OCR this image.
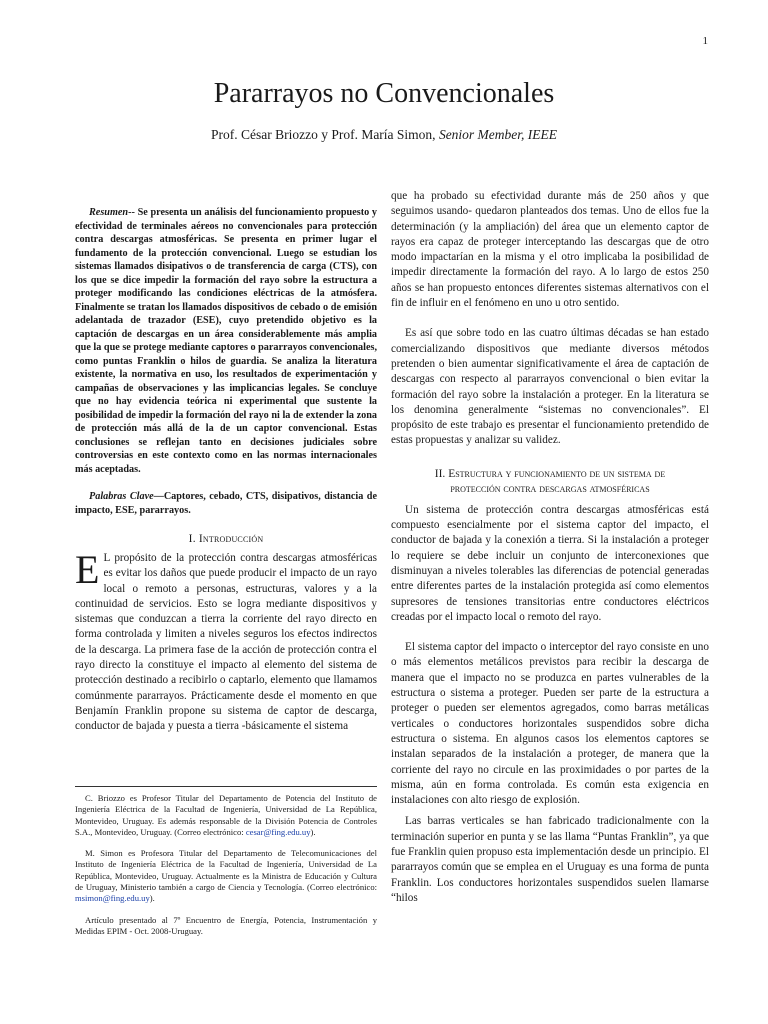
1
Pararrayos no Convencionales
Prof. César Briozzo y Prof. María Simon, Senior Member, IEEE

Resumen-- Se presenta un análisis del funcionamiento propuesto y efectividad de terminales aéreos no convencionales para protección contra descargas atmosféricas. Se presenta en primer lugar el fundamento de la protección convencional. Luego se estudian los sistemas llamados disipativos o de transferencia de carga (CTS), con los que se dice impedir la formación del rayo sobre la estructura a proteger modificando las condiciones eléctricas de la atmósfera. Finalmente se tratan los llamados dispositivos de cebado o de emisión adelantada de trazador (ESE), cuyo pretendido objetivo es la captación de descargas en un área considerablemente más amplia que la que se protege mediante captores o pararrayos convencionales, como puntas Franklin o hilos de guardia. Se analiza la literatura existente, la normativa en uso, los resultados de experimentación y campañas de observaciones y las implicancias legales. Se concluye que no hay evidencia teórica ni experimental que sustente la posibilidad de impedir la formación del rayo ni la de extender la zona de protección más allá de la de un captor convencional. Estas conclusiones se reflejan tanto en decisiones judiciales sobre controversias en este contexto como en las normas internacionales más aceptadas.

Palabras Clave—Captores, cebado, CTS, disipativos, distancia de impacto, ESE, pararrayos.

I. Introducción

E L propósito de la protección contra descargas atmosféricas es evitar los daños que puede producir el impacto de un rayo local o remoto a personas, estructuras, valores y a la continuidad de servicios. Esto se logra mediante dispositivos y sistemas que conduzcan a tierra la corriente del rayo directo en forma controlada y limiten a niveles seguros los efectos indirectos de la descarga. La primera fase de la acción de protección contra el rayo directo la constituye el impacto al elemento del sistema de protección destinado a recibirlo o captarlo, elemento que llamamos comúnmente pararrayos. Prácticamente desde el momento en que Benjamín Franklin propone su sistema de captor de descarga, conductor de bajada y puesta a tierra -básicamente el sistema

C. Briozzo es Profesor Titular del Departamento de Potencia del Instituto de Ingeniería Eléctrica de la Facultad de Ingeniería, Universidad de La República, Montevideo, Uruguay. Es además responsable de la División Potencia de Controles S.A., Montevideo, Uruguay. (Correo electrónico: cesar@fing.edu.uy).

M. Simon es Profesora Titular del Departamento de Telecomunicaciones del Instituto de Ingeniería Eléctrica de la Facultad de Ingeniería, Universidad de La República, Montevideo, Uruguay. Actualmente es la Ministra de Educación y Cultura de Uruguay, Ministerio también a cargo de Ciencia y Tecnología. (Correo electrónico: msimon@fing.edu.uy).

Artículo presentado al 7º Encuentro de Energía, Potencia, Instrumentación y Medidas EPIM - Oct. 2008-Uruguay.

que ha probado su efectividad durante más de 250 años y que seguimos usando- quedaron planteados dos temas. Uno de ellos fue la determinación (y la ampliación) del área que un elemento captor de rayos era capaz de proteger interceptando las descargas que de otro modo impactarían en la misma y el otro implicaba la posibilidad de impedir directamente la formación del rayo. A lo largo de estos 250 años se han propuesto entonces diferentes sistemas alternativos con el fin de influir en el fenómeno en uno u otro sentido.

Es así que sobre todo en las cuatro últimas décadas se han estado comercializando dispositivos que mediante diversos métodos pretenden o bien aumentar significativamente el área de captación de descargas con respecto al pararrayos convencional o bien evitar la formación del rayo sobre la instalación a proteger. En la literatura se los denomina generalmente “sistemas no convencionales”. El propósito de este trabajo es presentar el funcionamiento pretendido de estas propuestas y analizar su validez.

II. Estructura y funcionamiento de un sistema de
protección contra descargas atmosféricas

Un sistema de protección contra descargas atmosféricas está compuesto esencialmente por el sistema captor del impacto, el conductor de bajada y la conexión a tierra. Si la instalación a proteger lo requiere se debe incluir un conjunto de interconexiones que disminuyan a niveles tolerables las diferencias de potencial generadas entre diferentes partes de la instalación protegida así como elementos supresores de tensiones transitorias entre conductores eléctricos creadas por el impacto local o remoto del rayo.

El sistema captor del impacto o interceptor del rayo consiste en uno o más elementos metálicos previstos para recibir la descarga de manera que el impacto no se produzca en partes vulnerables de la estructura o sistema a proteger. Pueden ser parte de la estructura a proteger o pueden ser elementos agregados, como barras metálicas verticales o conductores horizontales suspendidos sobre dicha estructura o sistema. En algunos casos los elementos captores se instalan separados de la instalación a proteger, de manera que la corriente del rayo no circule en las proximidades o por partes de la misma, aún en forma controlada. Es común esta exigencia en instalaciones con alto riesgo de explosión.

Las barras verticales se han fabricado tradicionalmente con la terminación superior en punta y se las llama “Puntas Franklin”, ya que fue Franklin quien propuso esta implementación desde un principio. El pararrayos común que se emplea en el Uruguay es una forma de punta Franklin. Los conductores horizontales suspendidos suelen llamarse “hilos
